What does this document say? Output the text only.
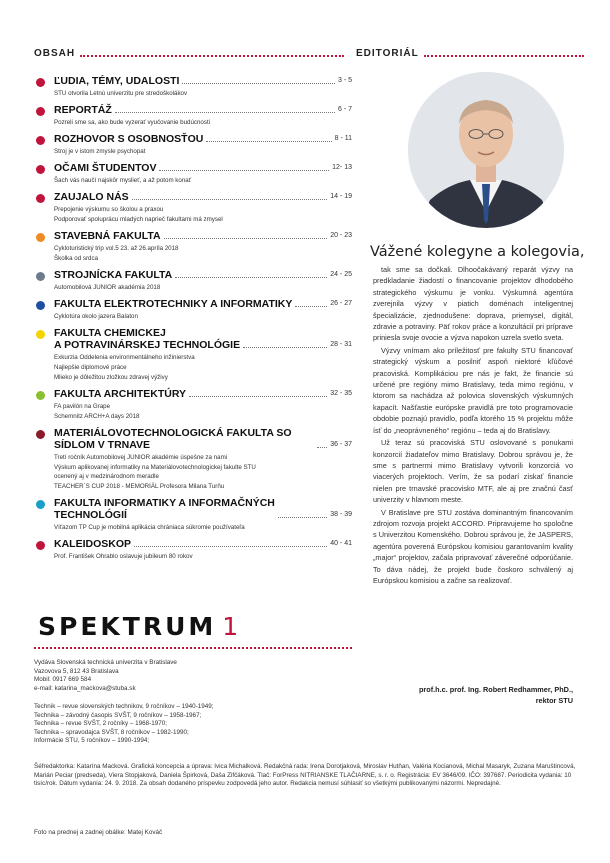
OBSAH	EDITORIÁL
ĽUDIA, TÉMY, UDALOSTI	3 - 5
STU otvorila Letnú univerzitu pre stredoškolákov
REPORTÁŽ	6 - 7
Pozreli sme sa, ako bude vyzerať vyučovanie budúcnosti
ROZHOVOR S OSOBNOSŤOU	8 - 11
Stroj je v istom zmysle psychopat
OČAMI ŠTUDENTOV	12- 13
Šach vás naučí najskôr myslieť, a až potom konať
ZAUJALO NÁS	14 - 19
Prepojenie výskumu so školou a praxou
Podporovať spoluprácu mladých naprieč fakultami má zmysel
STAVEBNÁ FAKULTA	20 - 23
Cykloturistický trip vol.5 23. až 26.apríla 2018
Školka od srdca
STROJNÍCKA FAKULTA	24 - 25
Automobilová JUNIOR akadémia 2018
FAKULTA ELEKTROTECHNIKY A INFORMATIKY	26 - 27
Cyklotúra okolo jazera Balaton
FAKULTA CHEMICKEJ
A POTRAVINÁRSKEJ TECHNOLÓGIE	28 - 31
Exkurzia Oddelenia environmentálneho inžinierstva
Najlepšie diplomové práce
Mlieko je dôležitou zložkou zdravej výživy
FAKULTA ARCHITEKTÚRY	32 - 35
FA pavilón na Grape
Schemnitz ARCH+A days 2018
MATERIÁLOVOTECHNOLOGICKÁ FAKULTA SO SÍDLOM V TRNAVE	36 - 37
Tretí ročník Automobilovej JUNIOR akadémie úspešne za nami
Výskum aplikovanej informatiky na Materiálovotechnologickej fakulte STU
ocenený aj v medzinárodnom meradle
TEACHER´S CUP 2018 - MEMORIÁL Profesora Milana Turňu
FAKULTA INFORMATIKY A INFORMAČNÝCH
TECHNOLÓGIÍ	38 - 39
Víťazom TP Cup je mobilná aplikácia chrániaca súkromie používateľa
KALEIDOSKOP	40 - 41
Prof. František Ohrablo oslavuje jubileum 80 rokov
SPEKTRUM 1
Vydáva Slovenská technická univerzita v Bratislave
Vazovova 5, 812 43 Bratislava
Mobil: 0917 669 584
e-mail: katarina_mackova@stuba.sk
Technik – revue slovenských technikov, 9 ročníkov – 1940-1949;
Technika – závodný časopis SVŠT, 9 ročníkov – 1958-1967;
Technika – revue SVŠT, 2 ročníky – 1968-1970;
Technika – spravodajca SVŠT, 8 ročníkov – 1982-1990;
Informácie STU, 5 ročníkov – 1990-1994;
Šéfredaktorka: Katarína Macková. Grafická koncepcia a úprava: Ivica Michalková. Redakčná rada: Irena Dorotjaková, Miroslav Hutňan, Valéria Kocianová, Michal Masaryk, Zuzana Maruštincová, Marián Peciar (predseda), Viera Stopjaková, Daniela Špirková, Daša Zifčáková. Tlač: ForPress NITRIANSKE TLAČIARNE, s. r. o. Registrácia: EV 3646/09. IČO: 397687. Periodicita vydania: 10 tisíc/rok. Dátum vydania: 24. 9. 2018. Za obsah dodaného príspevku zodpovedá jeho autor. Redakcia nemusí súhlasiť so všetkými publikovanými názormi. Nepredajné.
Foto na prednej a zadnej obálke: Matej Kováč
Vážené kolegyne a kolegovia,

tak sme sa dočkali. Dlhoočakávaný reparát výzvy na predkladanie žiadostí o financovanie projektov dlhodobého strategického výskumu je vonku. Výskumná agentúra zverejnila výzvy v piatich doménach inteligentnej špecializácie, zjednodušene: doprava, priemysel, digitál, zdravie a potraviny. Päť rokov práce a konzultácií pri príprave priniesla svoje ovocie a výzva napokon uzrela svetlo sveta.

Výzvy vnímam ako príležitosť pre fakulty STU financovať strategický výskum a posilniť aspoň niektoré kľúčové pracoviská. Komplikáciou pre nás je fakt, že financie sú určené pre regióny mimo Bratislavy, teda mimo regiónu, v ktorom sa nachádza až polovica slovenských výskumných kapacít. Našťastie európske pravidlá pre toto programovacie obdobie poznajú pravidlo, podľa ktorého 15 % projektu môže ísť do „neoprávneného“ regiónu – teda aj do Bratislavy.

Už teraz sú pracoviská STU oslovované s ponukami konzorcií žiadateľov mimo Bratislavy. Dobrou správou je, že sme s partnermi mimo Bratislavy vytvorili konzorciá vo viacerých projektoch. Verím, že sa podarí získať financie nielen pre trnavské pracovisko MTF, ale aj pre značnú časť univerzity v hlavnom meste.

V Bratislave pre STU zostáva dominantným financovaním zdrojom rozvoja projekt ACCORD. Pripravujeme ho spoločne s Univerzitou Komenského. Dobrou správou je, že JASPERS, agentúra poverená Európskou komisiou garantovaním kvality „major“ projektov, začala pripravovať záverečné odporúčanie. To dáva nádej, že projekt bude čoskoro schválený aj Európskou komisiou a začne sa realizovať.

prof.h.c. prof. Ing. Robert Redhammer, PhD.,
rektor STU
